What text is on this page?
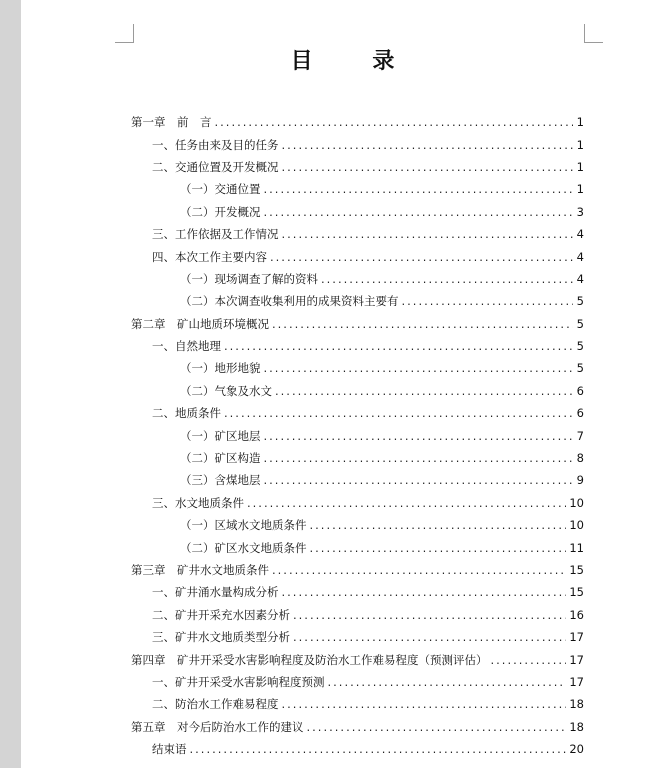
目 录
第一章　前　言 .....	1
一、任务由来及目的任务 .....	1
二、交通位置及开发概况 .....	1
（一）交通位置 .....	1
（二）开发概况 .....	3
三、工作依据及工作情况 .....	4
四、本次工作主要内容 .....	4
（一）现场调查了解的资料 .....	4
（二）本次调查收集利用的成果资料主要有 .....	5
第二章　矿山地质环境概况 .....	5
一、自然地理 .....	5
（一）地形地貌 .....	5
（二）气象及水文 .....	6
二、地质条件 .....	6
（一）矿区地层 .....	7
（二）矿区构造 .....	8
（三）含煤地层 .....	9
三、水文地质条件 .....	10
（一）区域水文地质条件 .....	10
（二）矿区水文地质条件 .....	11
第三章　矿井水文地质条件 .....	15
一、矿井涌水量构成分析 .....	15
二、矿井开采充水因素分析 .....	16
三、矿井水文地质类型分析 .....	17
第四章　矿井开采受水害影响程度及防治水工作难易程度（预测评估） .....	17
一、矿井开采受水害影响程度预测 .....	17
二、防治水工作难易程度 .....	18
第五章　对今后防治水工作的建议 .....	18
结束语 .....	20
